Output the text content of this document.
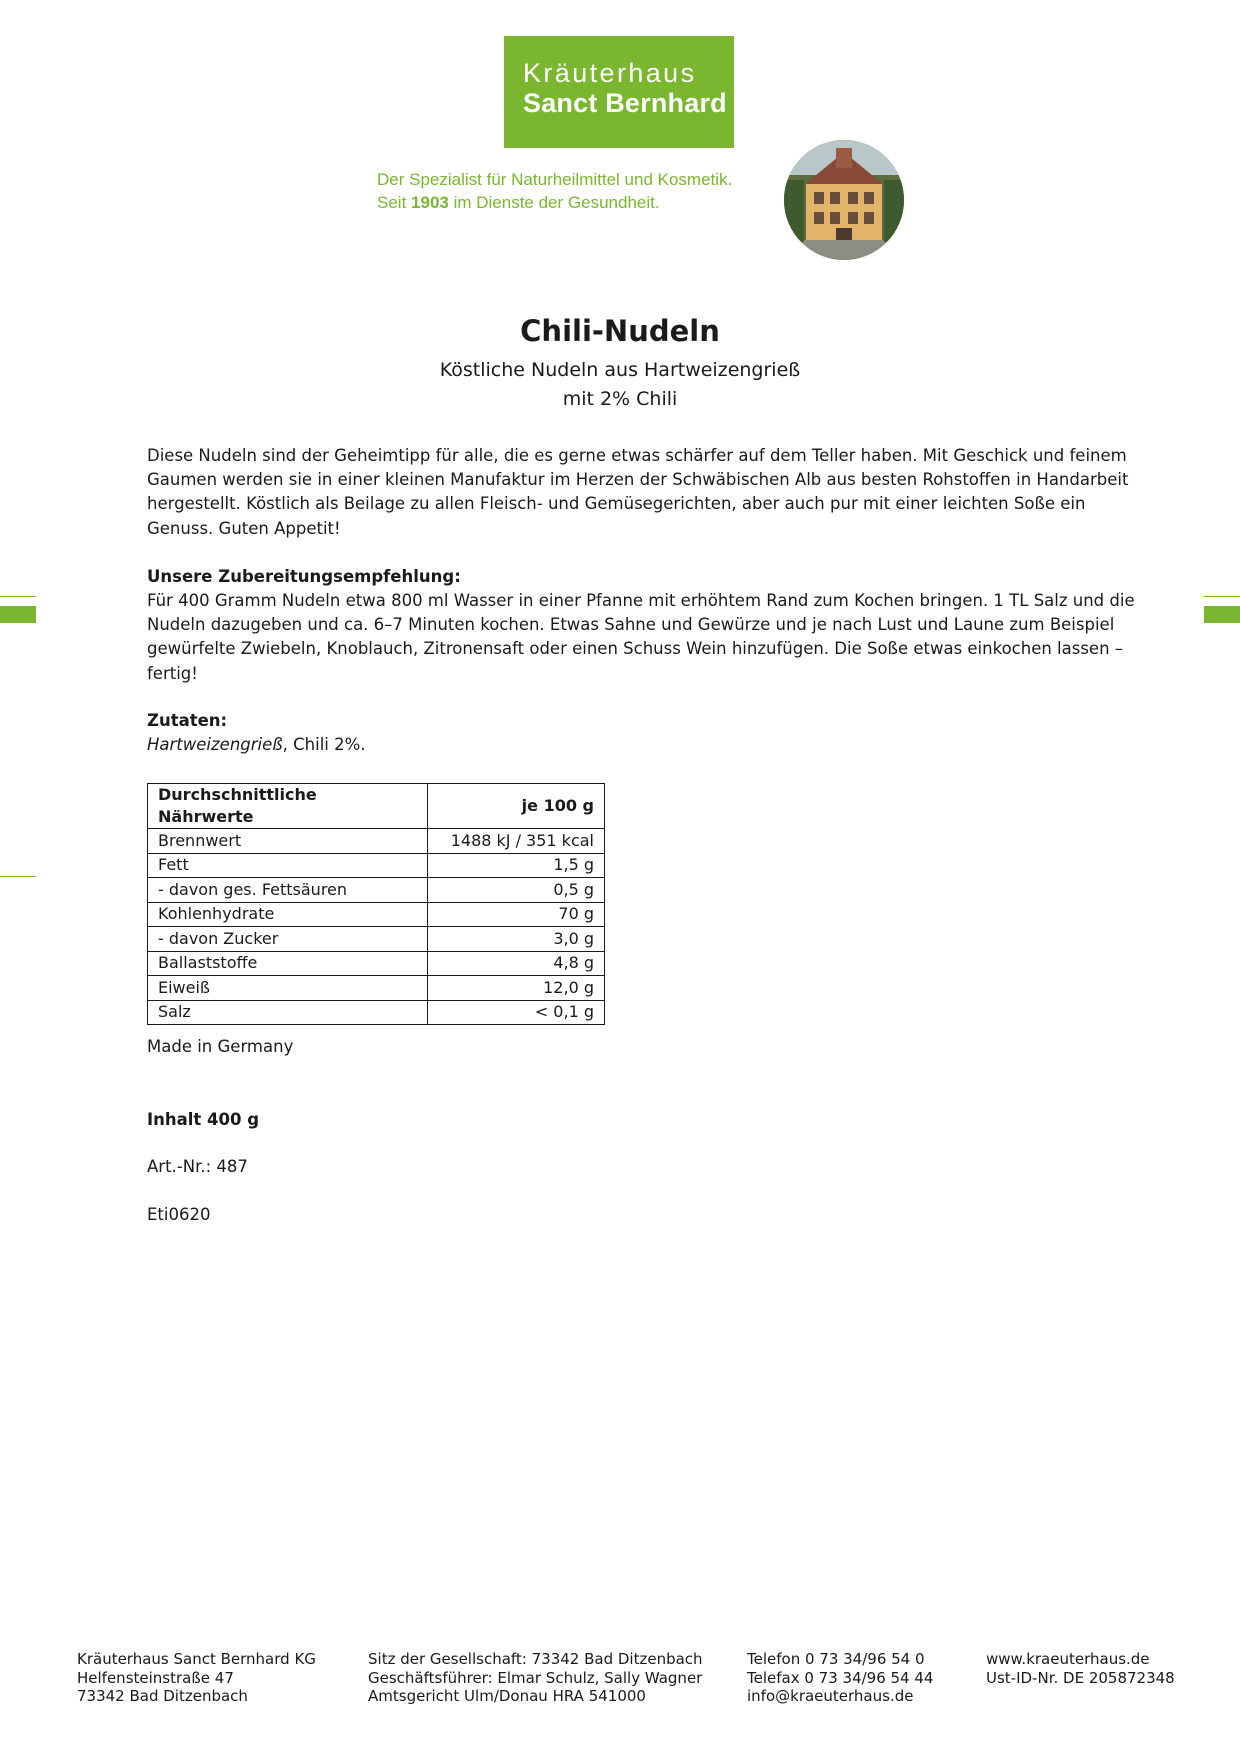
Kräuterhaus
Sanct Bernhard
Der Spezialist für Naturheilmittel und Kosmetik.
Seit 1903 im Dienste der Gesundheit.
Chili-Nudeln
Köstliche Nudeln aus Hartweizengrieß
mit 2% Chili
Diese Nudeln sind der Geheimtipp für alle, die es gerne etwas schärfer auf dem Teller haben. Mit Geschick und feinem Gaumen werden sie in einer kleinen Manufaktur im Herzen der Schwäbischen Alb aus besten Rohstoffen in Handarbeit hergestellt. Köstlich als Beilage zu allen Fleisch- und Gemüsegerichten, aber auch pur mit einer leichten Soße ein Genuss. Guten Appetit!
Unsere Zubereitungsempfehlung:
Für 400 Gramm Nudeln etwa 800 ml Wasser in einer Pfanne mit erhöhtem Rand zum Kochen bringen. 1 TL Salz und die Nudeln dazugeben und ca. 6–7 Minuten kochen. Etwas Sahne und Gewürze und je nach Lust und Laune zum Beispiel gewürfelte Zwiebeln, Knoblauch, Zitronensaft oder einen Schuss Wein hinzufügen. Die Soße etwas einkochen lassen – fertig!
Zutaten:
Hartweizengrieß, Chili 2%.
Durchschnittliche Nährwerte	je 100 g
Brennwert	1488 kJ / 351 kcal
Fett	1,5 g
- davon ges. Fettsäuren	0,5 g
Kohlenhydrate	70 g
- davon Zucker	3,0 g
Ballaststoffe	4,8 g
Eiweiß	12,0 g
Salz	< 0,1 g
Made in Germany
Inhalt 400 g
Art.-Nr.: 487
Eti0620
Kräuterhaus Sanct Bernhard KG
Helfensteinstraße 47
73342 Bad Ditzenbach
Sitz der Gesellschaft: 73342 Bad Ditzenbach
Geschäftsführer: Elmar Schulz, Sally Wagner
Amtsgericht Ulm/Donau HRA 541000
Telefon 0 73 34/96 54 0
Telefax 0 73 34/96 54 44
info@kraeuterhaus.de
www.kraeuterhaus.de
Ust-ID-Nr. DE 205872348
